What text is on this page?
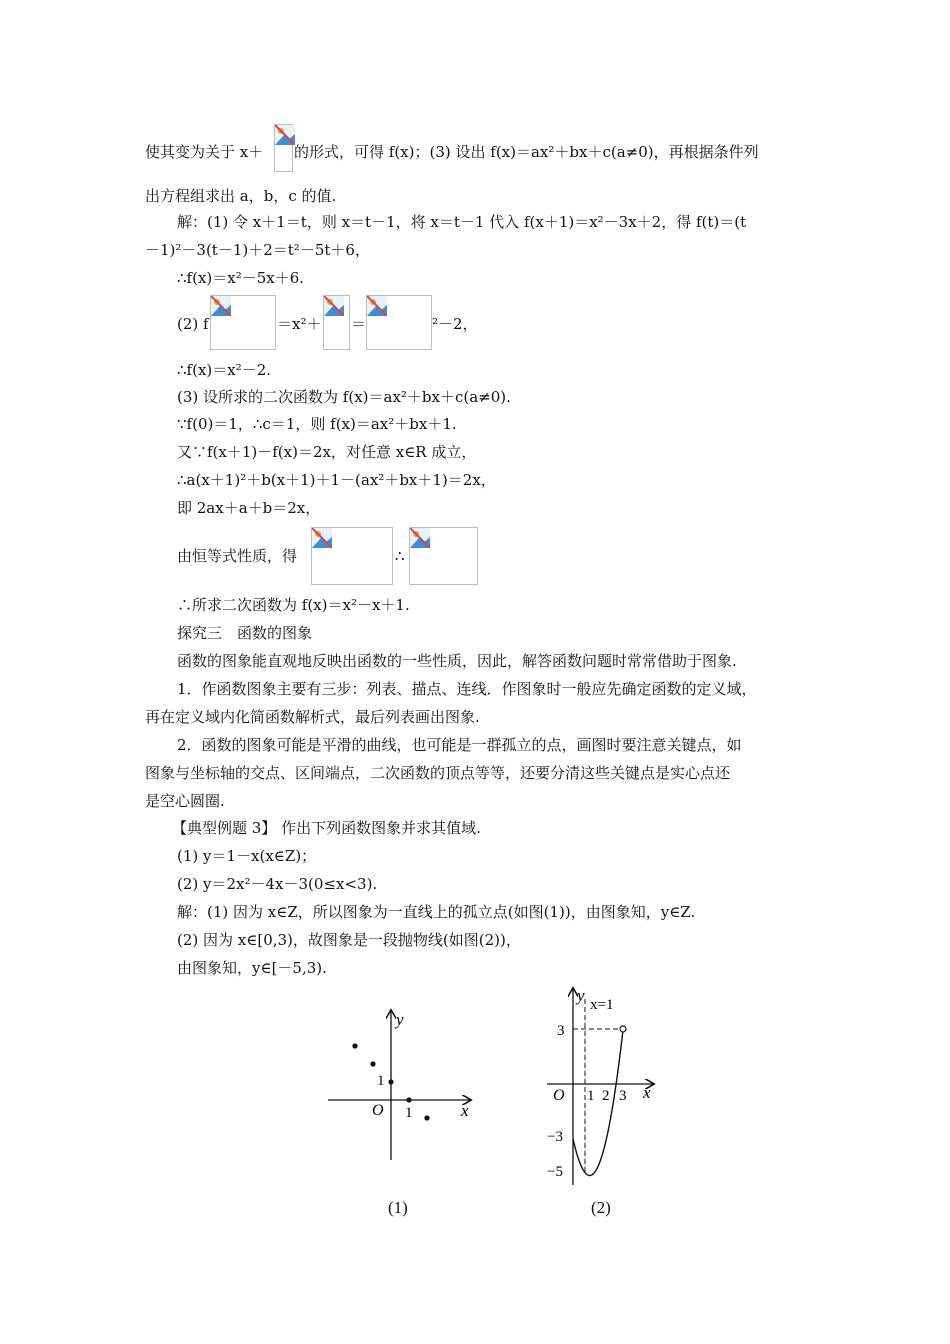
使其变为关于 x＋ 的形式，可得 f(x)；(3) 设出 f(x)＝ax²＋bx＋c(a≠0)，再根据条件列
出方程组求出 a，b，c 的值.
解：(1) 令 x＋1＝t，则 x＝t－1，将 x＝t－1 代入 f(x＋1)＝x²－3x＋2，得 f(t)＝(t
－1)²－3(t－1)＋2＝t²－5t＋6，
∴f(x)＝x²－5x＋6.
(2) f	＝x²＋ ＝	²－2，
∴f(x)＝x²－2.
(3) 设所求的二次函数为 f(x)＝ax²＋bx＋c(a≠0).
∵f(0)＝1，∴c＝1，则 f(x)＝ax²＋bx＋1.
又∵f(x＋1)－f(x)＝2x，对任意 x∈R 成立，
∴a(x＋1)²＋b(x＋1)＋1－(ax²＋bx＋1)＝2x，
即 2ax＋a＋b＝2x，
由恒等式性质，得	∴
∴所求二次函数为 f(x)＝x²－x＋1.
探究三　函数的图象
函数的图象能直观地反映出函数的一些性质，因此，解答函数问题时常常借助于图象.
1．作函数图象主要有三步：列表、描点、连线．作图象时一般应先确定函数的定义域，
再在定义域内化简函数解析式，最后列表画出图象.
2．函数的图象可能是平滑的曲线，也可能是一群孤立的点，画图时要注意关键点，如
图象与坐标轴的交点、区间端点，二次函数的顶点等等，还要分清这些关键点是实心点还
是空心圆圈.
【典型例题 3】 作出下列函数图象并求其值域.
(1) y＝1－x(x∈Z)；
(2) y＝2x²－4x－3(0≤x<3).
解：(1) 因为 x∈Z，所以图象为一直线上的孤立点(如图(1))，由图象知，y∈Z.
(2) 因为 x∈[0,3)，故图象是一段抛物线(如图(2))，
由图象知，y∈[－5,3).
x
y
O 1
1
x
y
O
x=1
1 2 3
3
−3
−5
(1)	(2)
